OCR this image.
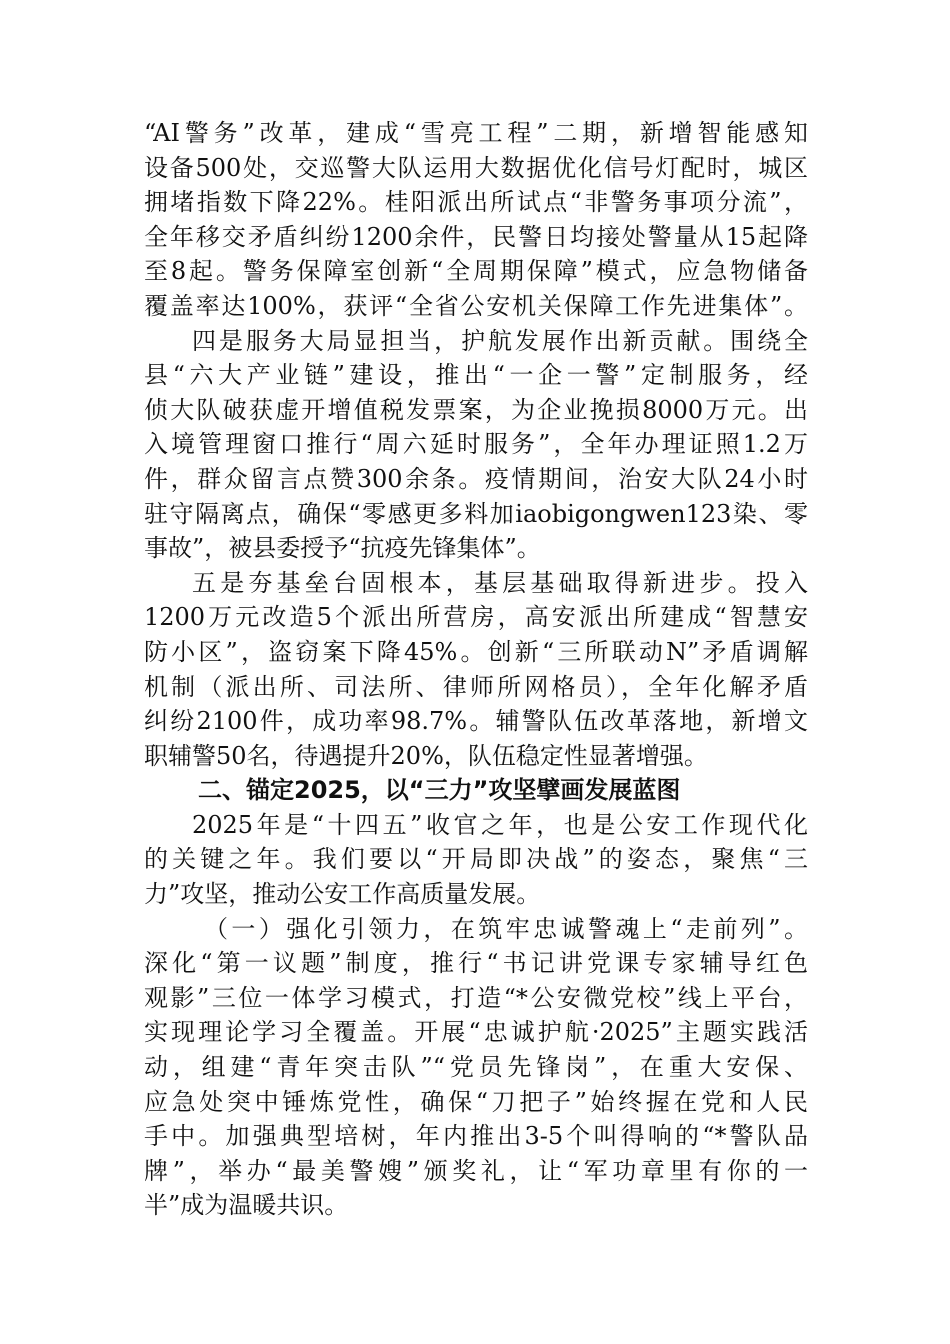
“AI警务”改革，建成“雪亮工程”二期，新增智能感知
设备500处，交巡警大队运用大数据优化信号灯配时，城区
拥堵指数下降22%。桂阳派出所试点“非警务事项分流”，
全年移交矛盾纠纷1200余件，民警日均接处警量从15起降
至8起。警务保障室创新“全周期保障”模式，应急物储备
覆盖率达100%，获评“全省公安机关保障工作先进集体”。
四是服务大局显担当，护航发展作出新贡献。围绕全
县“六大产业链”建设，推出“一企一警”定制服务，经
侦大队破获虚开增值税发票案，为企业挽损8000万元。出
入境管理窗口推行“周六延时服务”，全年办理证照1.2万
件，群众留言点赞300余条。疫情期间，治安大队24小时
驻守隔离点，确保“零感更多料加iaobigongwen123染、零
事故”，被县委授予“抗疫先锋集体”。
五是夯基垒台固根本，基层基础取得新进步。投入
1200万元改造5个派出所营房，高安派出所建成“智慧安
防小区”，盗窃案下降45%。创新“三所联动N”矛盾调解
机制（派出所、司法所、律师所网格员），全年化解矛盾
纠纷2100件，成功率98.7%。辅警队伍改革落地，新增文
职辅警50名，待遇提升20%，队伍稳定性显著增强。
二、锚定2025，以“三力”攻坚擘画发展蓝图
2025年是“十四五”收官之年，也是公安工作现代化
的关键之年。我们要以“开局即决战”的姿态，聚焦“三
力”攻坚，推动公安工作高质量发展。
（一）强化引领力，在筑牢忠诚警魂上“走前列”。
深化“第一议题”制度，推行“书记讲党课专家辅导红色
观影”三位一体学习模式，打造“*公安微党校”线上平台，
实现理论学习全覆盖。开展“忠诚护航·2025”主题实践活
动，组建“青年突击队”“党员先锋岗”，在重大安保、
应急处突中锤炼党性，确保“刀把子”始终握在党和人民
手中。加强典型培树，年内推出3-5个叫得响的“*警队品
牌”，举办“最美警嫂”颁奖礼，让“军功章里有你的一
半”成为温暖共识。
